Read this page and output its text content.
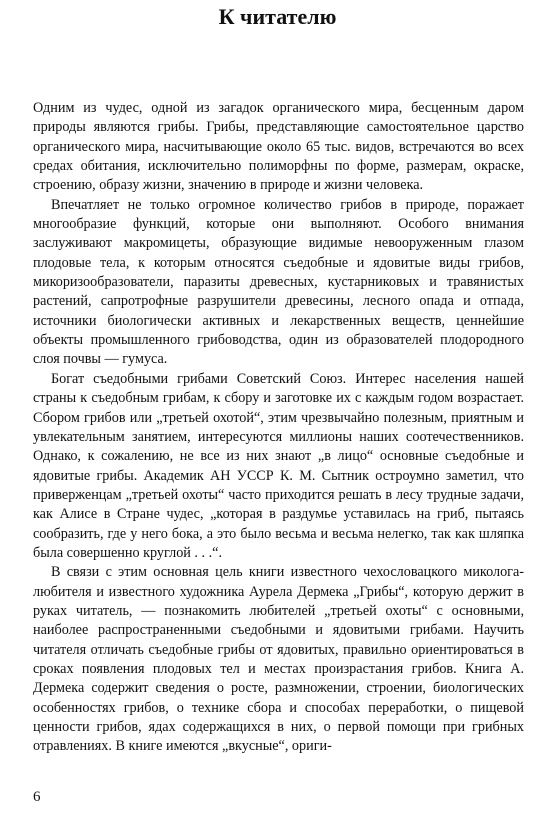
К читателю

Одним из чудес, одной из загадок органического мира, бесценным даром природы являются грибы. Грибы, представляющие самостоятельное царство органического мира, насчитывающие около 65 тыс. видов, встречаются во всех средах обитания, исключительно полиморфны по форме, размерам, окраске, строению, образу жизни, значению в природе и жизни человека.

Впечатляет не только огромное количество грибов в природе, поражает многообразие функций, которые они выполняют. Особого внимания заслуживают макромицеты, образующие видимые невооруженным глазом плодовые тела, к которым относятся съедобные и ядовитые виды грибов, микоризообразователи, паразиты древесных, кустарниковых и травянистых растений, сапротрофные разрушители древесины, лесного опада и отпада, источники биологически активных и лекарственных веществ, ценнейшие объекты промышленного грибоводства, один из образователей плодородного слоя почвы — гумуса.

Богат съедобными грибами Советский Союз. Интерес населения нашей страны к съедобным грибам, к сбору и заготовке их с каждым годом возрастает. Сбором грибов или „третьей охотой“, этим чрезвычайно полезным, приятным и увлекательным занятием, интересуются миллионы наших соотечественников. Однако, к сожалению, не все из них знают „в лицо“ основные съедобные и ядовитые грибы. Академик АН УССР К. М. Сытник остроумно заметил, что приверженцам „третьей охоты“ часто приходится решать в лесу трудные задачи, как Алисе в Стране чудес, „которая в раздумье уставилась на гриб, пытаясь сообразить, где у него бока, а это было весьма и весьма нелегко, так как шляпка была совершенно круглой . . .“.

В связи с этим основная цель книги известного чехословацкого миколога-любителя и известного художника Аурела Дермека „Грибы“, которую держит в руках читатель, — познакомить любителей „третьей охоты“ с основными, наиболее распространенными съедобными и ядовитыми грибами. Научить читателя отличать съедобные грибы от ядовитых, правильно ориентироваться в сроках появления плодовых тел и местах произрастания грибов. Книга А. Дермека содержит сведения о росте, размножении, строении, биологических особенностях грибов, о технике сбора и способах переработки, о пищевой ценности грибов, ядах содержащихся в них, о первой помощи при грибных отравлениях. В книге имеются „вкусные“, ориги-

6
